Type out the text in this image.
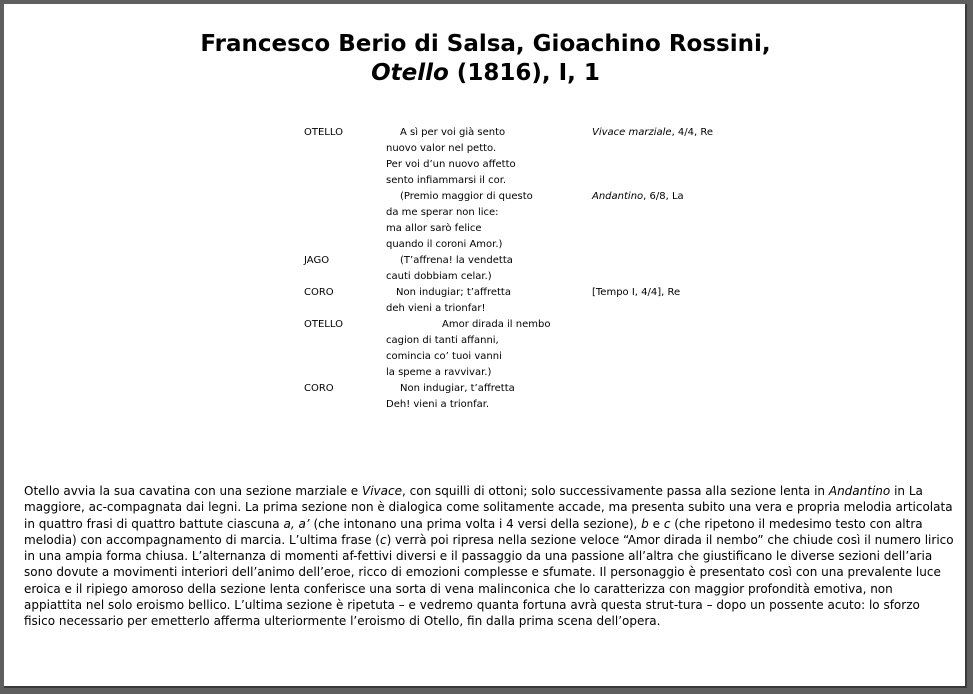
Francesco Berio di Salsa, Gioachino Rossini,
Otello (1816), I, 1
OTELLO	A sì per voi già sento	Vivace marziale, 4/4, Re
nuovo valor nel petto.
Per voi d’un nuovo affetto
sento infiammarsi il cor.
(Premio maggior di questo	Andantino, 6/8, La
da me sperar non lice:
ma allor sarò felice
quando il coroni Amor.)
JAGO	(T’affrena! la vendetta
cauti dobbiam celar.)
CORO	Non indugiar; t’affretta	[Tempo I, 4/4], Re
deh vieni a trionfar!
OTELLO	Amor dirada il nembo
cagion di tanti affanni,
comincia co’ tuoi vanni
la speme a ravvivar.)
CORO	Non indugiar, t’affretta
Deh! vieni a trionfar.
Otello avvia la sua cavatina con una sezione marziale e Vivace, con squilli di ottoni; solo successivamente passa alla sezione lenta in Andantino in La maggiore, ac-compagnata dai legni. La prima sezione non è dialogica come solitamente accade, ma presenta subito una vera e propria melodia articolata in quattro frasi di quattro battute ciascuna a, a’ (che intonano una prima volta i 4 versi della sezione), b e c (che ripetono il medesimo testo con altra melodia) con accompagnamento di marcia. L’ultima frase (c) verrà poi ripresa nella sezione veloce “Amor dirada il nembo” che chiude così il numero lirico in una ampia forma chiusa. L’alternanza di momenti af-fettivi diversi e il passaggio da una passione all’altra che giustificano le diverse sezioni dell’aria sono dovute a movimenti interiori dell’animo dell’eroe, ricco di emozioni complesse e sfumate. Il personaggio è presentato così con una prevalente luce eroica e il ripiego amoroso della sezione lenta conferisce una sorta di vena malinconica che lo caratterizza con maggior profondità emotiva, non appiattita nel solo eroismo bellico. L’ultima sezione è ripetuta – e vedremo quanta fortuna avrà questa strut-tura – dopo un possente acuto: lo sforzo fisico necessario per emetterlo afferma ulteriormente l’eroismo di Otello, fin dalla prima scena dell’opera.
